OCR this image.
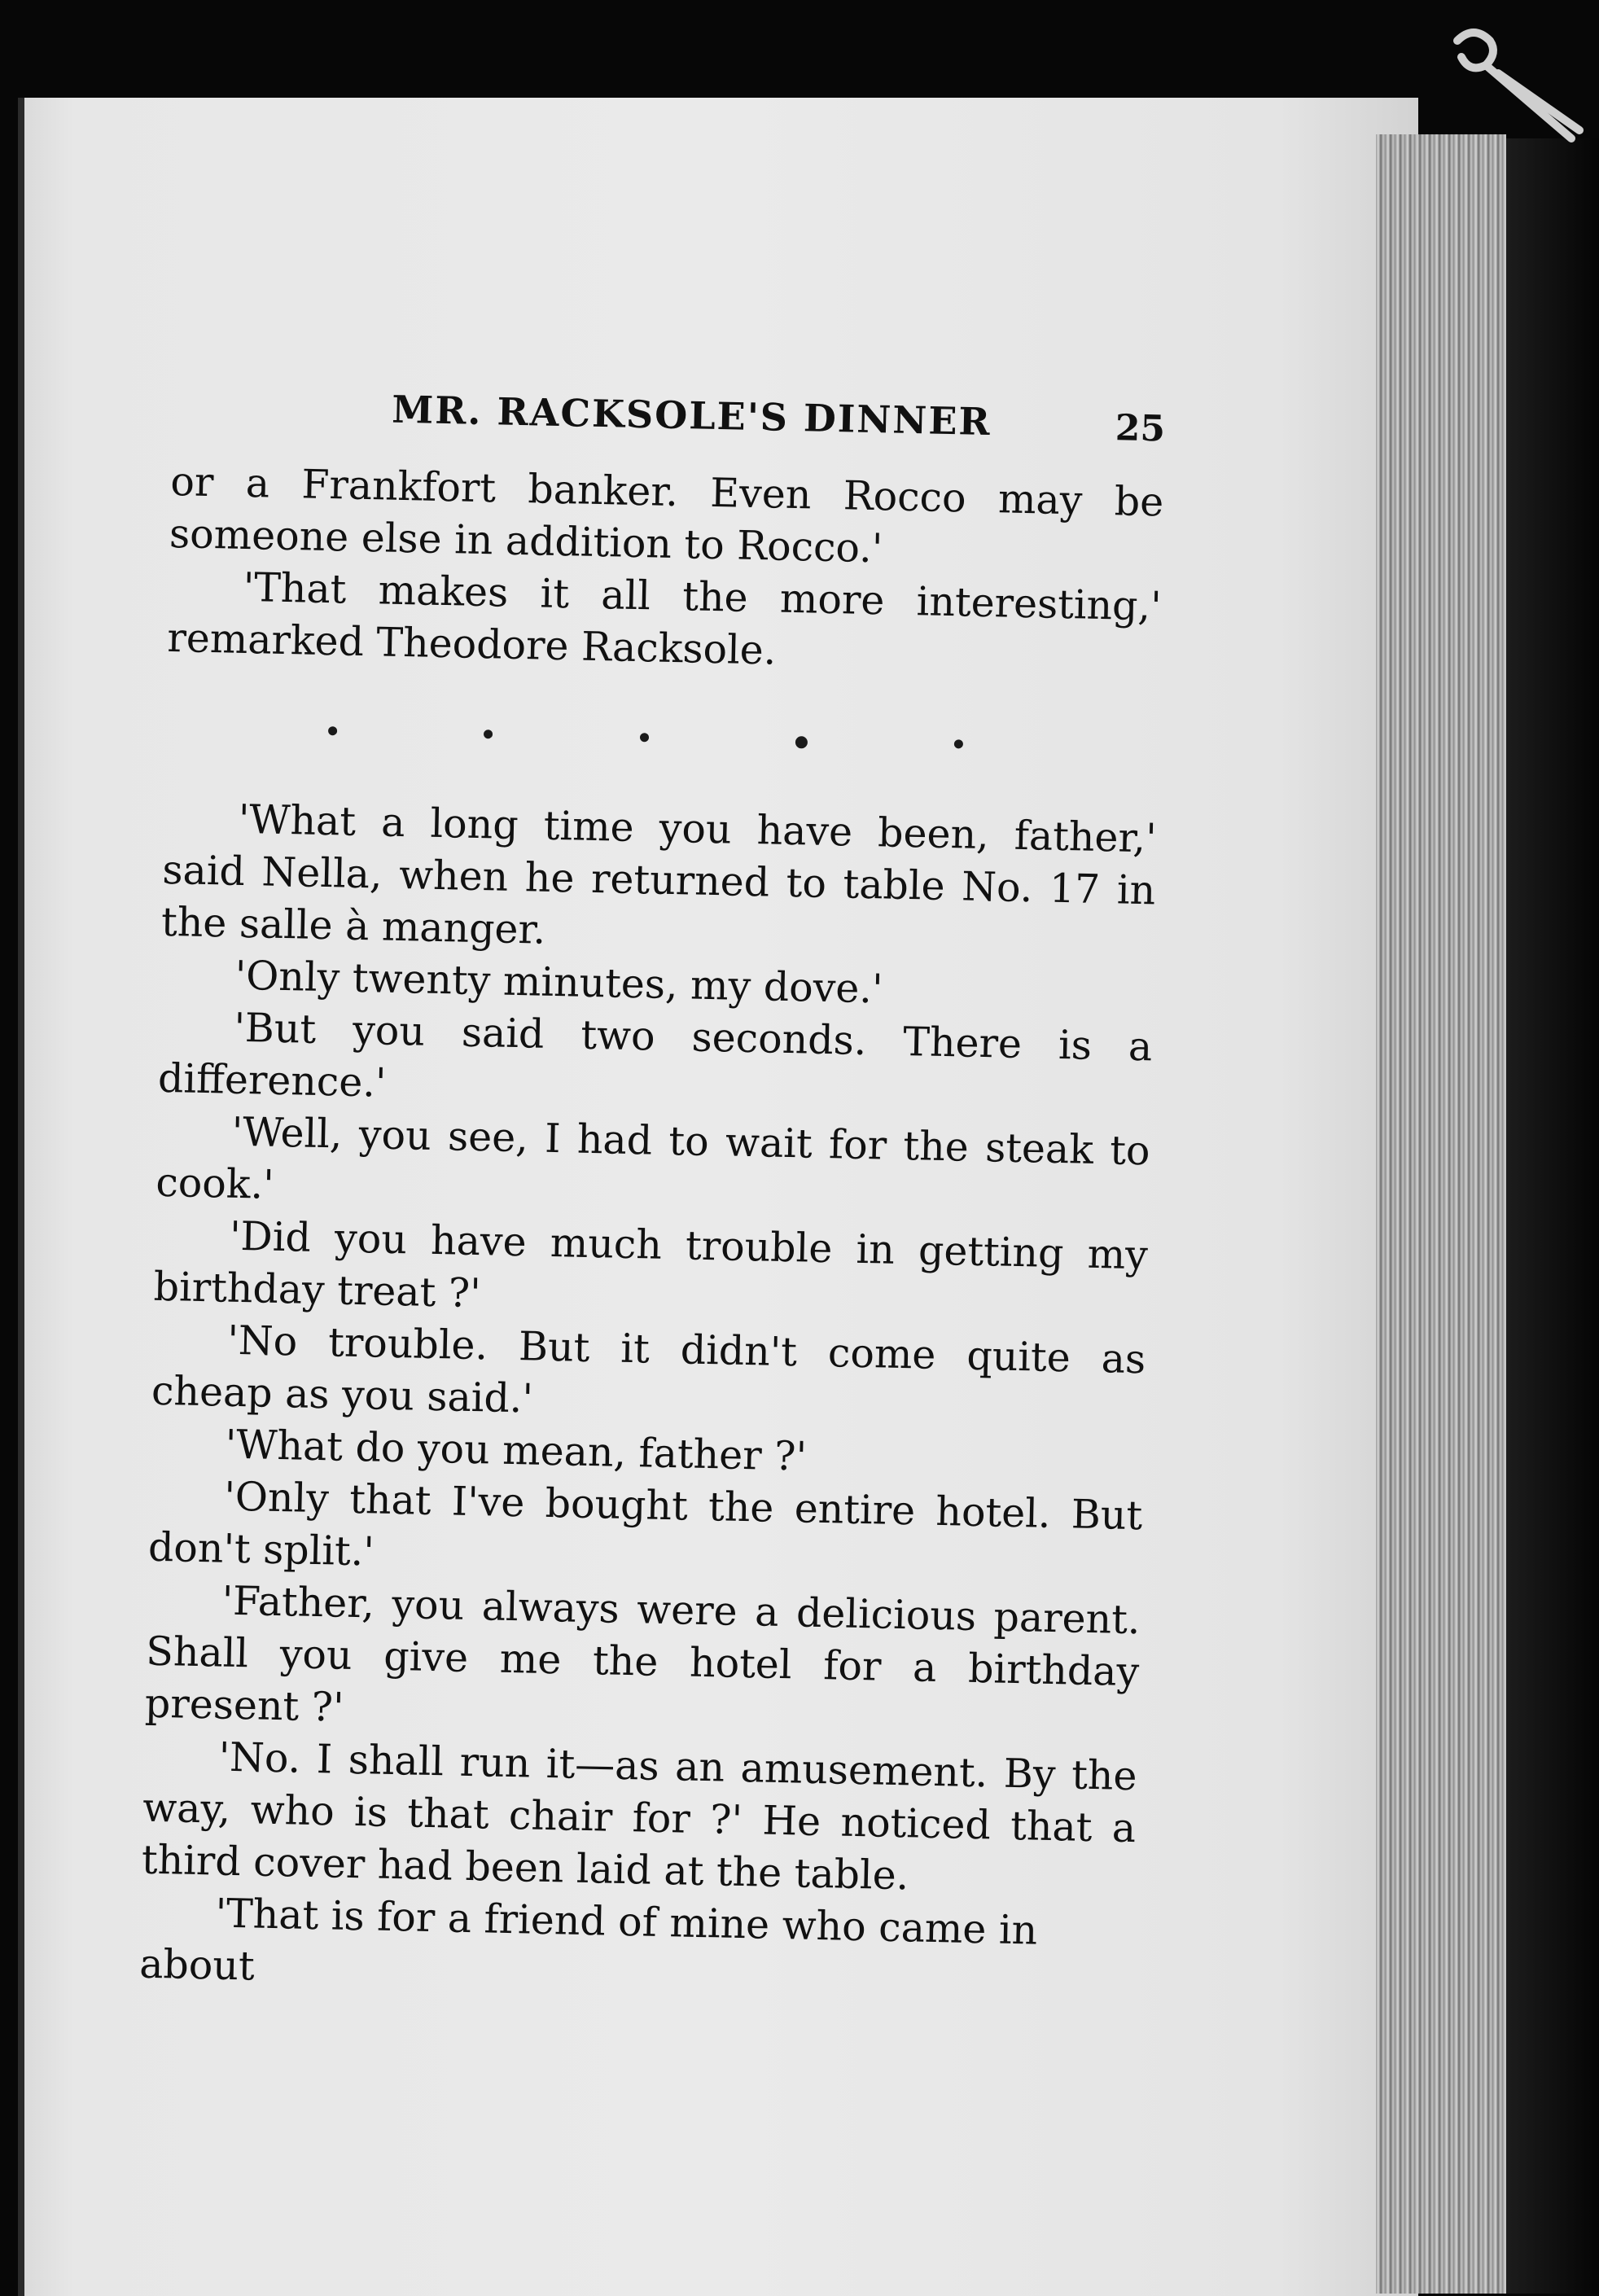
MR. RACKSOLE'S DINNER	25

or a Frankfort banker. Even Rocco may be someone else in addition to Rocco.'

'That makes it all the more interesting,' remarked Theodore Racksole.

'What a long time you have been, father,' said Nella, when he returned to table No. 17 in the salle à manger.

'Only twenty minutes, my dove.'

'But you said two seconds. There is a difference.'

'Well, you see, I had to wait for the steak to cook.'

'Did you have much trouble in getting my birthday treat ?'

'No trouble. But it didn't come quite as cheap as you said.'

'What do you mean, father ?'

'Only that I've bought the entire hotel. But don't split.'

'Father, you always were a delicious parent. Shall you give me the hotel for a birthday present ?'

'No. I shall run it—as an amusement. By the way, who is that chair for ?' He noticed that a third cover had been laid at the table.

'That is for a friend of mine who came in about
